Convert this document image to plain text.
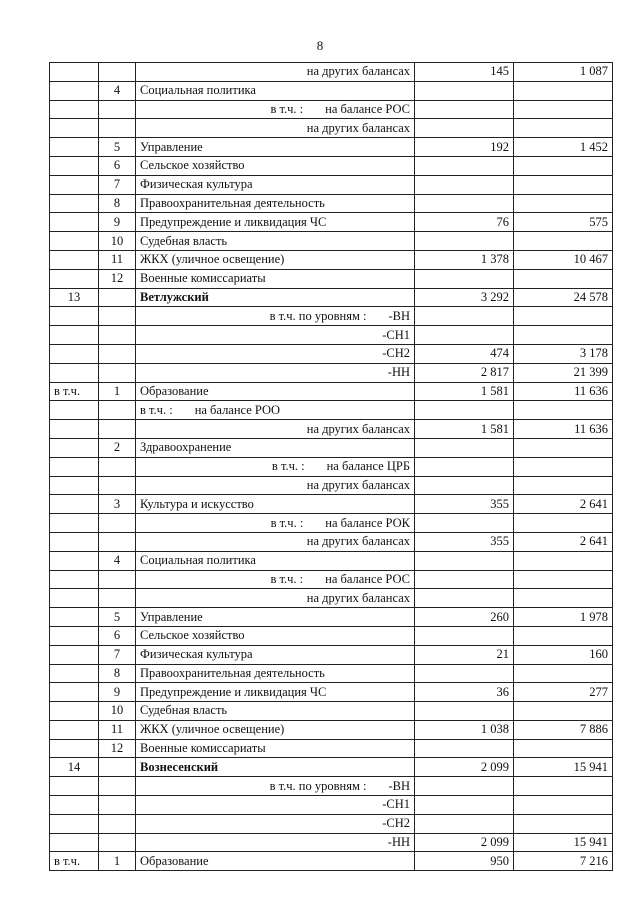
8
		на других балансах	145	1 087
	4	Социальная политика		
		в т.ч. : на балансе РОС		
		на других балансах		
	5	Управление	192	1 452
	6	Сельское хозяйство		
	7	Физическая культура		
	8	Правоохранительная деятельность		
	9	Предупреждение и ликвидация ЧС	76	575
	10	Судебная власть		
	11	ЖКХ (уличное освещение)	1 378	10 467
	12	Военные комиссариаты		
13		Ветлужский	3 292	24 578
		в т.ч. по уровням : -ВН		
		-СН1		
		-СН2	474	3 178
		-НН	2 817	21 399
в т.ч.	1	Образование	1 581	11 636
		в т.ч. : на балансе РОО		
		на других балансах	1 581	11 636
	2	Здравоохранение		
		в т.ч. : на балансе ЦРБ		
		на других балансах		
	3	Культура и искусство	355	2 641
		в т.ч. : на балансе РОК		
		на других балансах	355	2 641
	4	Социальная политика		
		в т.ч. : на балансе РОС		
		на других балансах		
	5	Управление	260	1 978
	6	Сельское хозяйство		
	7	Физическая культура	21	160
	8	Правоохранительная деятельность		
	9	Предупреждение и ликвидация ЧС	36	277
	10	Судебная власть		
	11	ЖКХ (уличное освещение)	1 038	7 886
	12	Военные комиссариаты		
14		Вознесенский	2 099	15 941
		в т.ч. по уровням : -ВН		
		-СН1		
		-СН2		
		-НН	2 099	15 941
в т.ч.	1	Образование	950	7 216
